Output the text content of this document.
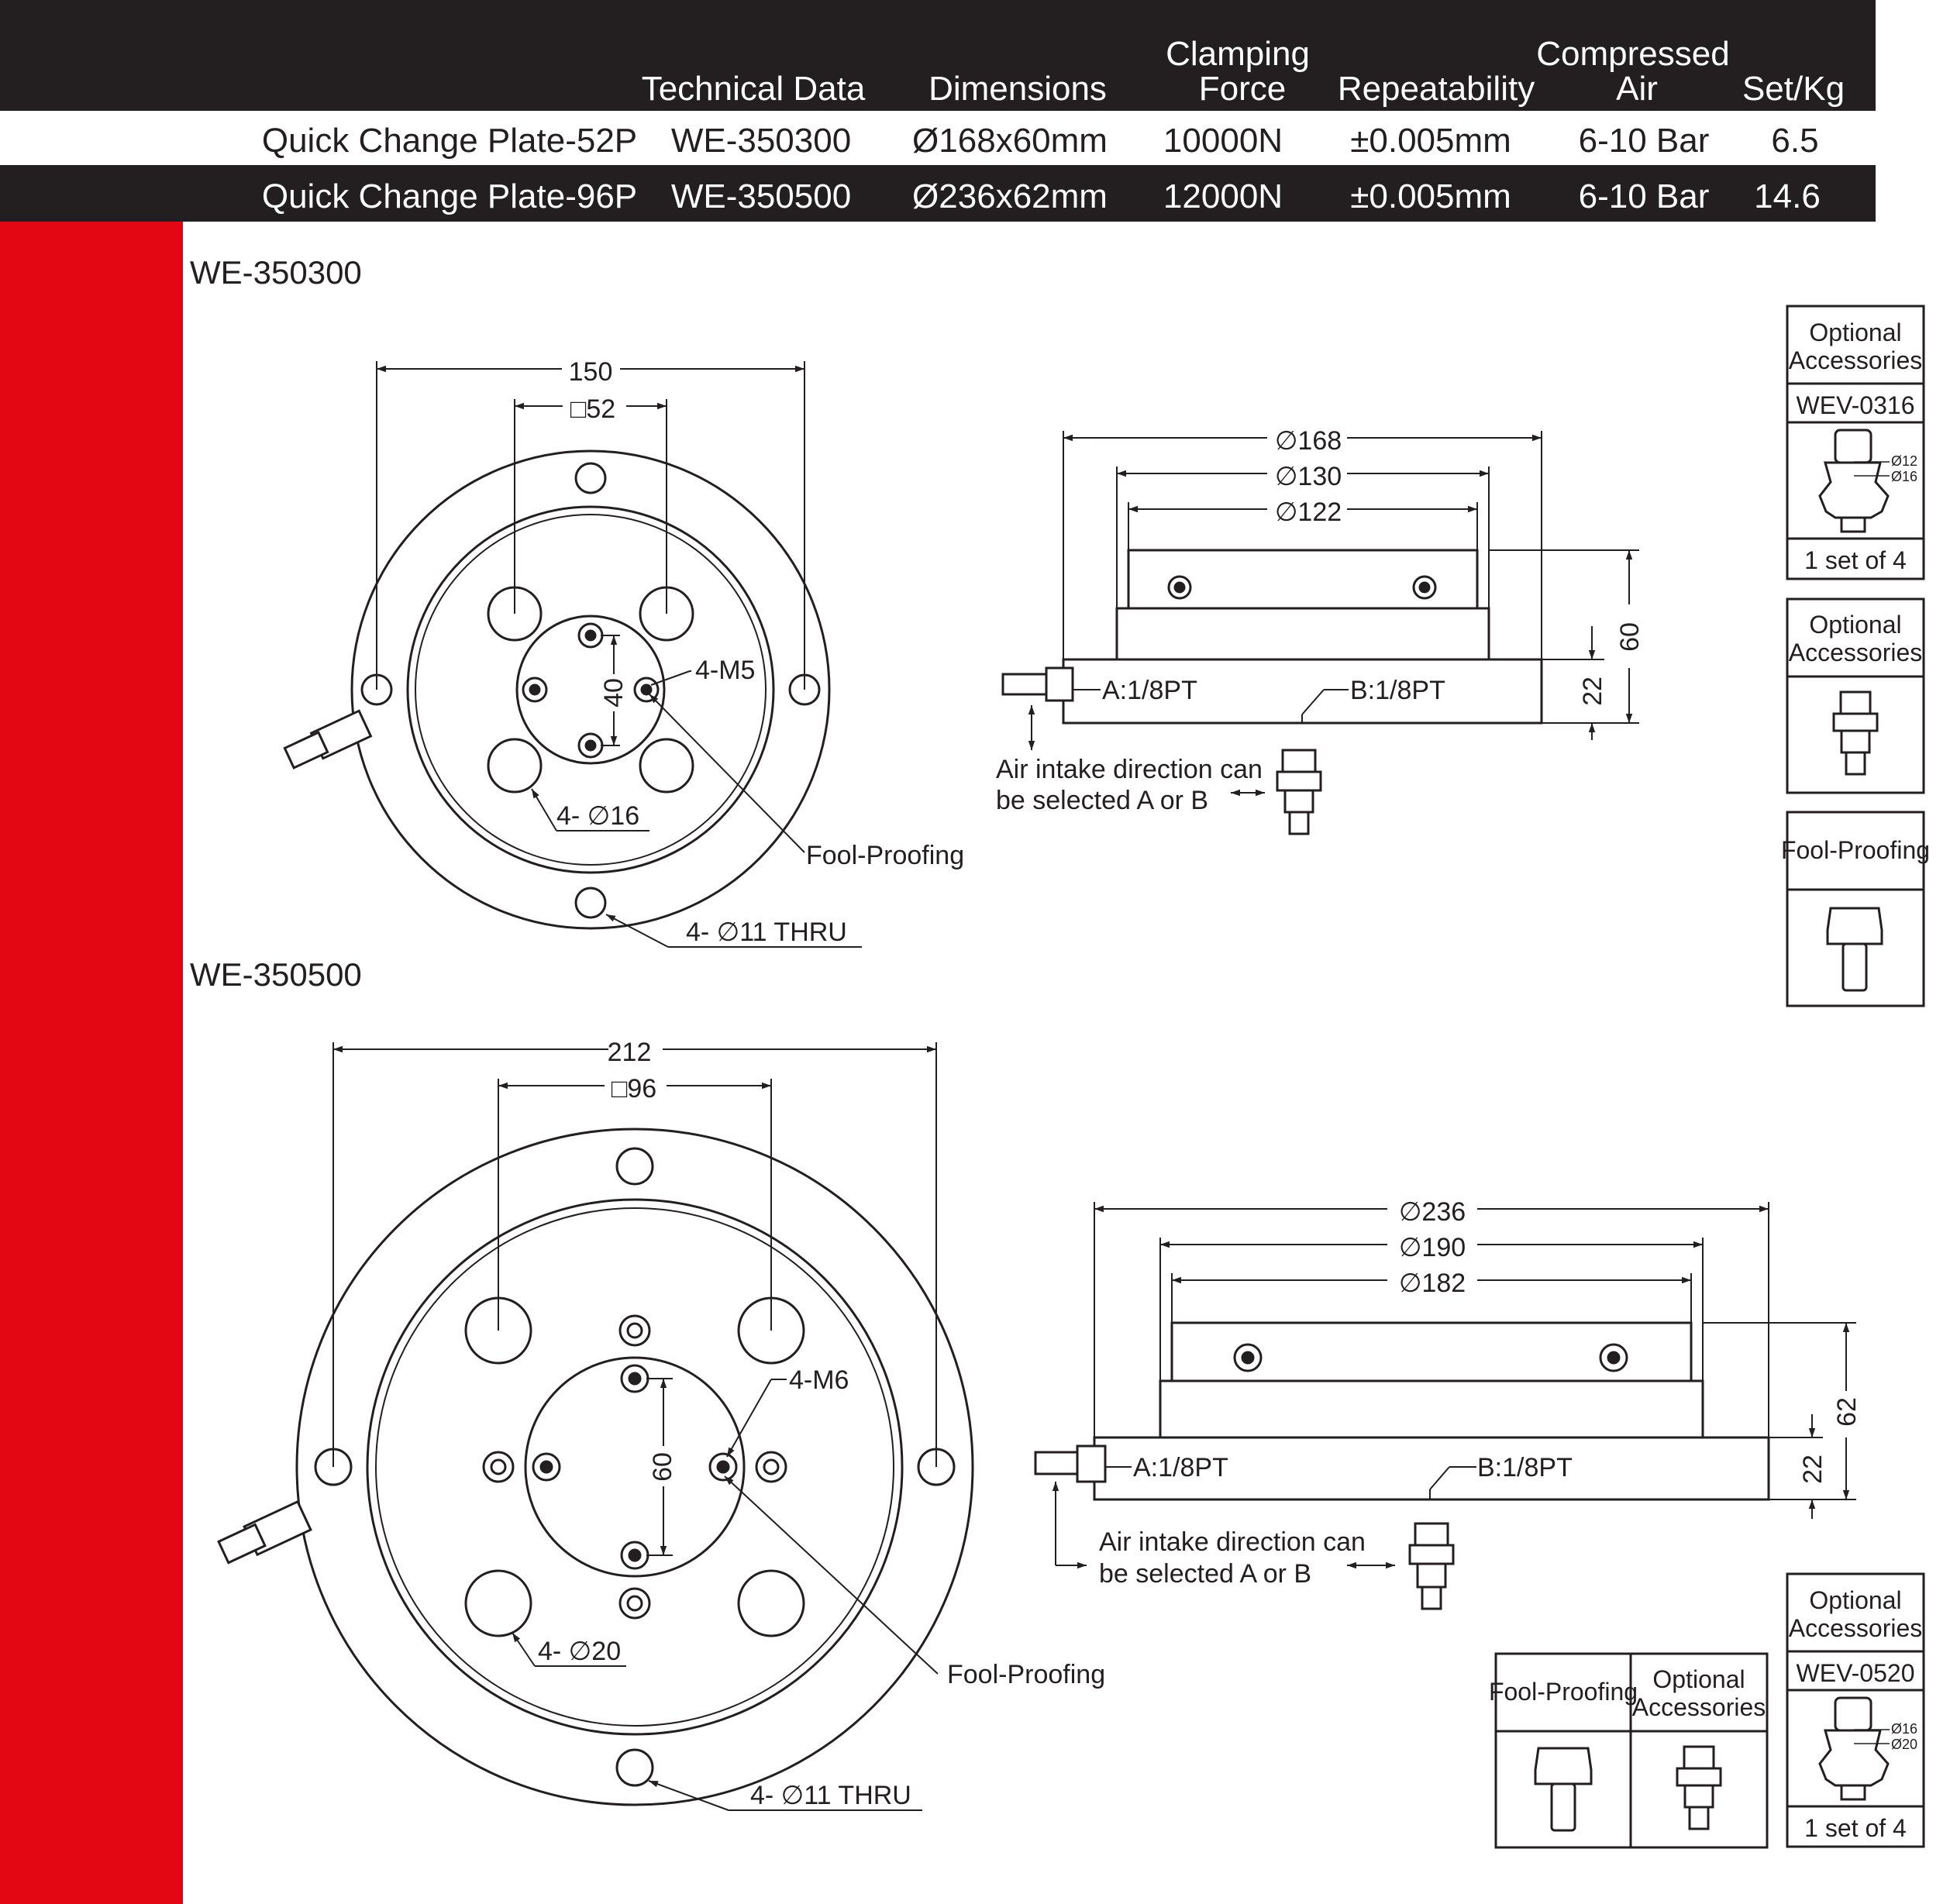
Clamping	Compressed
Technical Data Dimensions	Force Repeatability Air Set/Kg
Quick Change Plate-52P WE-350300 Ø168x60mm 10000N ±0.005mm 6-10 Bar 6.5
Quick Change Plate-96P WE-350500 Ø236x62mm 12000N ±0.005mm 6-10 Bar 14.6
WE-350300
150
□52
4-M5
40
4- ∅16
Fool-Proofing
4- ∅11 THRU
∅168
∅130
∅122
60
22
A:1/8PT	B:1/8PT
Air intake direction can
be selected A or B
WE-350500
212
□96
4-M6
60
4- ∅20
Fool-Proofing
4- ∅11 THRU
∅236
∅190
∅182
62
22
A:1/8PT	B:1/8PT
Air intake direction can
be selected A or B
Optional
Accessories
WEV-0316
Ø12
Ø16
1 set of 4
Optional
Accessories
Fool-Proofing
Fool-Proofing Optional
Accessories
Optional
Accessories
WEV-0520
Ø16
Ø20
1 set of 4
